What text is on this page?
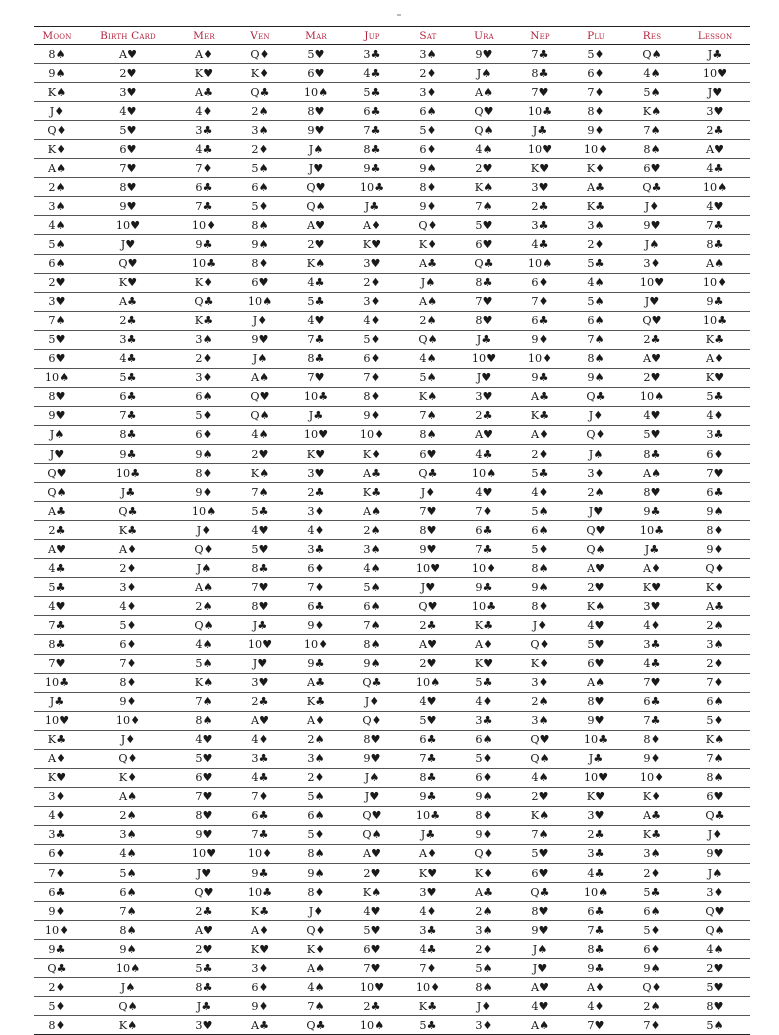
Moon	Birth Card	Mer	Ven	Mar	Jup	Sat	Ura	Nep	Plu	Res	Lesson
8♠	A♥	A♦	Q♦	5♥	3♣	3♠	9♥	7♣	5♦	Q♠	J♣
9♠	2♥	K♥	K♦	6♥	4♣	2♦	J♠	8♣	6♦	4♠	10♥
K♠	3♥	A♣	Q♣	10♠	5♣	3♦	A♠	7♥	7♦	5♠	J♥
J♦	4♥	4♦	2♠	8♥	6♣	6♠	Q♥	10♣	8♦	K♠	3♥
Q♦	5♥	3♣	3♠	9♥	7♣	5♦	Q♠	J♣	9♦	7♠	2♣
K♦	6♥	4♣	2♦	J♠	8♣	6♦	4♠	10♥	10♦	8♠	A♥
A♠	7♥	7♦	5♠	J♥	9♣	9♠	2♥	K♥	K♦	6♥	4♣
2♠	8♥	6♣	6♠	Q♥	10♣	8♦	K♠	3♥	A♣	Q♣	10♠
3♠	9♥	7♣	5♦	Q♠	J♣	9♦	7♠	2♣	K♣	J♦	4♥
4♠	10♥	10♦	8♠	A♥	A♦	Q♦	5♥	3♣	3♠	9♥	7♣
5♠	J♥	9♣	9♠	2♥	K♥	K♦	6♥	4♣	2♦	J♠	8♣
6♠	Q♥	10♣	8♦	K♠	3♥	A♣	Q♣	10♠	5♣	3♦	A♠
2♥	K♥	K♦	6♥	4♣	2♦	J♠	8♣	6♦	4♠	10♥	10♦
3♥	A♣	Q♣	10♠	5♣	3♦	A♠	7♥	7♦	5♠	J♥	9♣
7♠	2♣	K♣	J♦	4♥	4♦	2♠	8♥	6♣	6♠	Q♥	10♣
5♥	3♣	3♠	9♥	7♣	5♦	Q♠	J♣	9♦	7♠	2♣	K♣
6♥	4♣	2♦	J♠	8♣	6♦	4♠	10♥	10♦	8♠	A♥	A♦
10♠	5♣	3♦	A♠	7♥	7♦	5♠	J♥	9♣	9♠	2♥	K♥
8♥	6♣	6♠	Q♥	10♣	8♦	K♠	3♥	A♣	Q♣	10♠	5♣
9♥	7♣	5♦	Q♠	J♣	9♦	7♠	2♣	K♣	J♦	4♥	4♦
J♠	8♣	6♦	4♠	10♥	10♦	8♠	A♥	A♦	Q♦	5♥	3♣
J♥	9♣	9♠	2♥	K♥	K♦	6♥	4♣	2♦	J♠	8♣	6♦
Q♥	10♣	8♦	K♠	3♥	A♣	Q♣	10♠	5♣	3♦	A♠	7♥
Q♠	J♣	9♦	7♠	2♣	K♣	J♦	4♥	4♦	2♠	8♥	6♣
A♣	Q♣	10♠	5♣	3♦	A♠	7♥	7♦	5♠	J♥	9♣	9♠
2♣	K♣	J♦	4♥	4♦	2♠	8♥	6♣	6♠	Q♥	10♣	8♦
A♥	A♦	Q♦	5♥	3♣	3♠	9♥	7♣	5♦	Q♠	J♣	9♦
4♣	2♦	J♠	8♣	6♦	4♠	10♥	10♦	8♠	A♥	A♦	Q♦
5♣	3♦	A♠	7♥	7♦	5♠	J♥	9♣	9♠	2♥	K♥	K♦
4♥	4♦	2♠	8♥	6♣	6♠	Q♥	10♣	8♦	K♠	3♥	A♣
7♣	5♦	Q♠	J♣	9♦	7♠	2♣	K♣	J♦	4♥	4♦	2♠
8♣	6♦	4♠	10♥	10♦	8♠	A♥	A♦	Q♦	5♥	3♣	3♠
7♥	7♦	5♠	J♥	9♣	9♠	2♥	K♥	K♦	6♥	4♣	2♦
10♣	8♦	K♠	3♥	A♣	Q♣	10♠	5♣	3♦	A♠	7♥	7♦
J♣	9♦	7♠	2♣	K♣	J♦	4♥	4♦	2♠	8♥	6♣	6♠
10♥	10♦	8♠	A♥	A♦	Q♦	5♥	3♣	3♠	9♥	7♣	5♦
K♣	J♦	4♥	4♦	2♠	8♥	6♣	6♠	Q♥	10♣	8♦	K♠
A♦	Q♦	5♥	3♣	3♠	9♥	7♣	5♦	Q♠	J♣	9♦	7♠
K♥	K♦	6♥	4♣	2♦	J♠	8♣	6♦	4♠	10♥	10♦	8♠
3♦	A♠	7♥	7♦	5♠	J♥	9♣	9♠	2♥	K♥	K♦	6♥
4♦	2♠	8♥	6♣	6♠	Q♥	10♣	8♦	K♠	3♥	A♣	Q♣
3♣	3♠	9♥	7♣	5♦	Q♠	J♣	9♦	7♠	2♣	K♣	J♦
6♦	4♠	10♥	10♦	8♠	A♥	A♦	Q♦	5♥	3♣	3♠	9♥
7♦	5♠	J♥	9♣	9♠	2♥	K♥	K♦	6♥	4♣	2♦	J♠
6♣	6♠	Q♥	10♣	8♦	K♠	3♥	A♣	Q♣	10♠	5♣	3♦
9♦	7♠	2♣	K♣	J♦	4♥	4♦	2♠	8♥	6♣	6♠	Q♥
10♦	8♠	A♥	A♦	Q♦	5♥	3♣	3♠	9♥	7♣	5♦	Q♠
9♣	9♠	2♥	K♥	K♦	6♥	4♣	2♦	J♠	8♣	6♦	4♠
Q♣	10♠	5♣	3♦	A♠	7♥	7♦	5♠	J♥	9♣	9♠	2♥
2♦	J♠	8♣	6♦	4♠	10♥	10♦	8♠	A♥	A♦	Q♦	5♥
5♦	Q♠	J♣	9♦	7♠	2♣	K♣	J♦	4♥	4♦	2♠	8♥
8♦	K♠	3♥	A♣	Q♣	10♠	5♣	3♦	A♠	7♥	7♦	5♠
